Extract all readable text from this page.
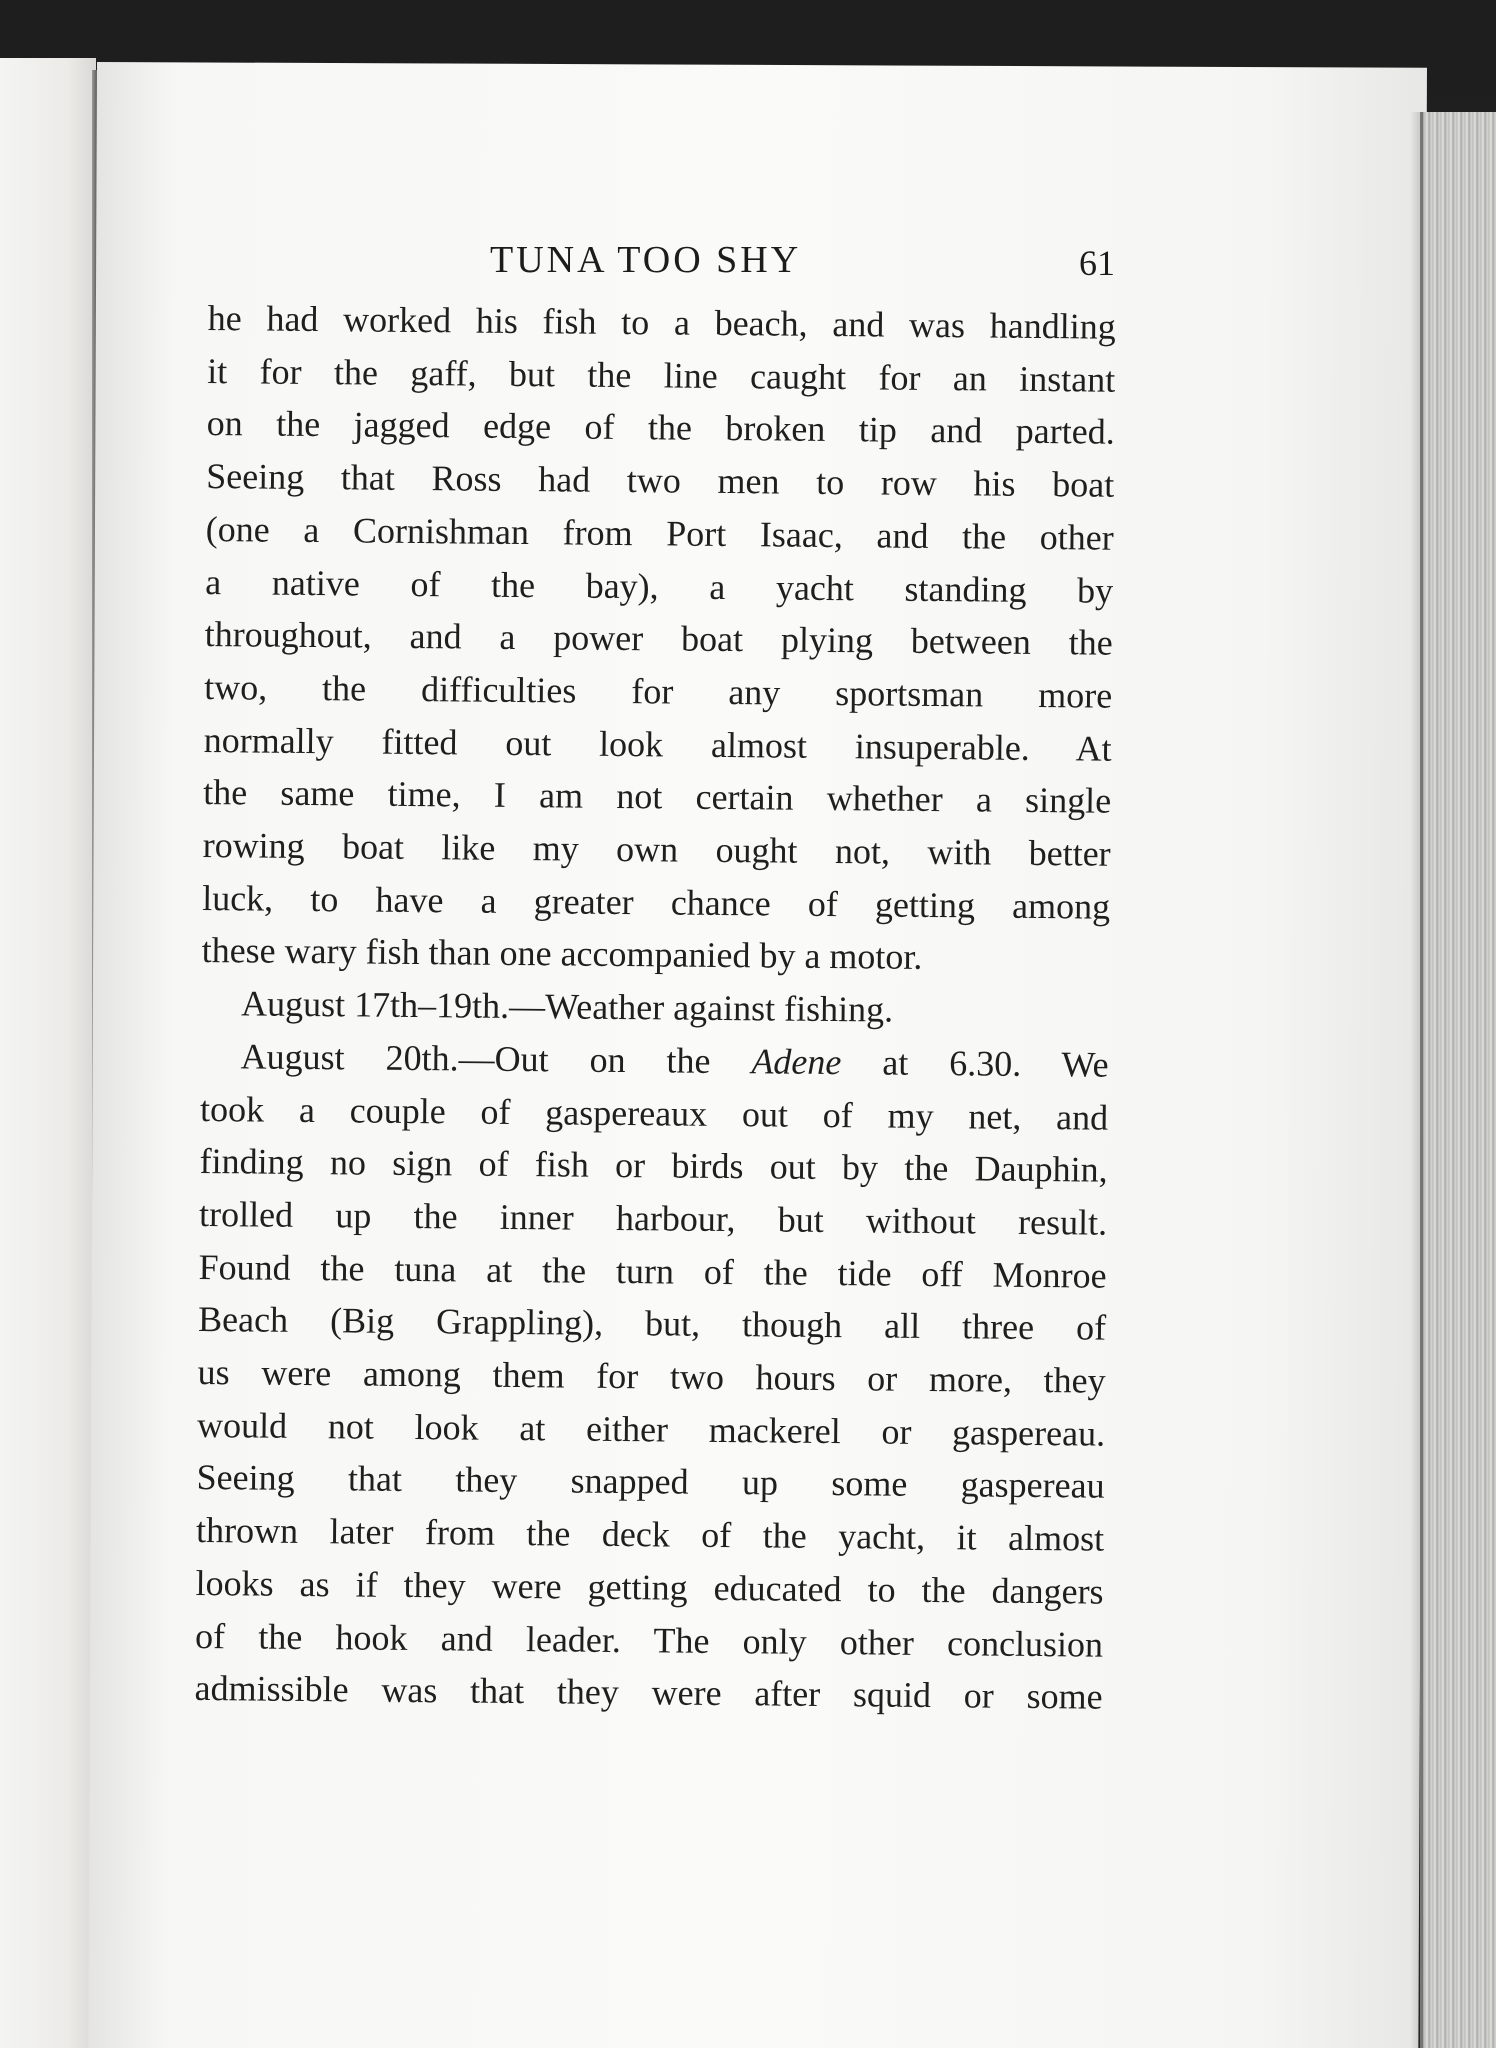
TUNA TOO SHY	61
he had worked his fish to a beach, and was handling
it for the gaff, but the line caught for an instant
on the jagged edge of the broken tip and parted.
Seeing that Ross had two men to row his boat
(one a Cornishman from Port Isaac, and the other
a native of the bay), a yacht standing by
throughout, and a power boat plying between the
two, the difficulties for any sportsman more
normally fitted out look almost insuperable. At
the same time, I am not certain whether a single
rowing boat like my own ought not, with better
luck, to have a greater chance of getting among
these wary fish than one accompanied by a motor.
August 17th–19th.—Weather against fishing.
August 20th.—Out on the Adene at 6.30. We
took a couple of gaspereaux out of my net, and
finding no sign of fish or birds out by the Dauphin,
trolled up the inner harbour, but without result.
Found the tuna at the turn of the tide off Monroe
Beach (Big Grappling), but, though all three of
us were among them for two hours or more, they
would not look at either mackerel or gaspereau.
Seeing that they snapped up some gaspereau
thrown later from the deck of the yacht, it almost
looks as if they were getting educated to the dangers
of the hook and leader. The only other conclusion
admissible was that they were after squid or some
